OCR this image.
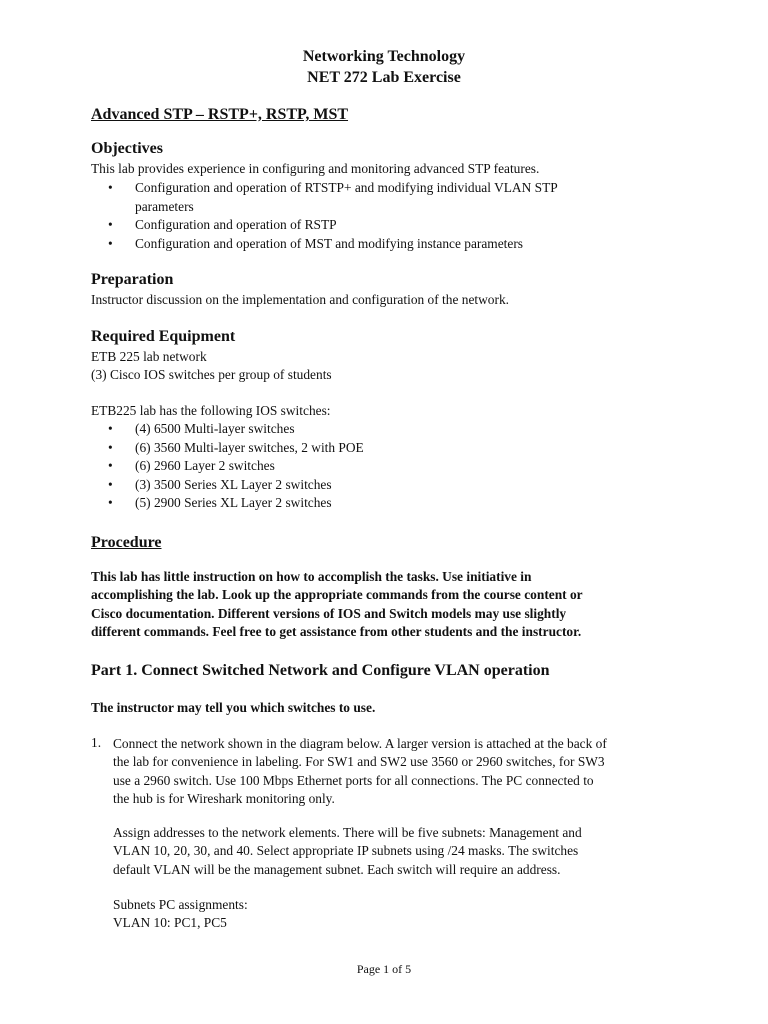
Networking Technology

NET 272 Lab Exercise

Advanced STP – RSTP+, RSTP, MST

Objectives

This lab provides experience in configuring and monitoring advanced STP features.

• Configuration and operation of RTSTP+ and modifying individual VLAN STP
parameters
• Configuration and operation of RSTP
• Configuration and operation of MST and modifying instance parameters

Preparation

Instructor discussion on the implementation and configuration of the network.

Required Equipment

ETB 225 lab network

(3) Cisco IOS switches per group of students

ETB225 lab has the following IOS switches:

• (4) 6500 Multi-layer switches
• (6) 3560 Multi-layer switches, 2 with POE
• (6) 2960 Layer 2 switches
• (3) 3500 Series XL Layer 2 switches
• (5) 2900 Series XL Layer 2 switches

Procedure

This lab has little instruction on how to accomplish the tasks. Use initiative in
accomplishing the lab. Look up the appropriate commands from the course content or
Cisco documentation. Different versions of IOS and Switch models may use slightly
different commands. Feel free to get assistance from other students and the instructor.

Part 1. Connect Switched Network and Configure VLAN operation

The instructor may tell you which switches to use.

1. Connect the network shown in the diagram below. A larger version is attached at the back of
the lab for convenience in labeling. For SW1 and SW2 use 3560 or 2960 switches, for SW3
use a 2960 switch. Use 100 Mbps Ethernet ports for all connections. The PC connected to
the hub is for Wireshark monitoring only.
Assign addresses to the network elements. There will be five subnets: Management and
VLAN 10, 20, 30, and 40. Select appropriate IP subnets using /24 masks. The switches
default VLAN will be the management subnet. Each switch will require an address.
Subnets PC assignments:
VLAN 10: PC1, PC5

Page 1 of 5
